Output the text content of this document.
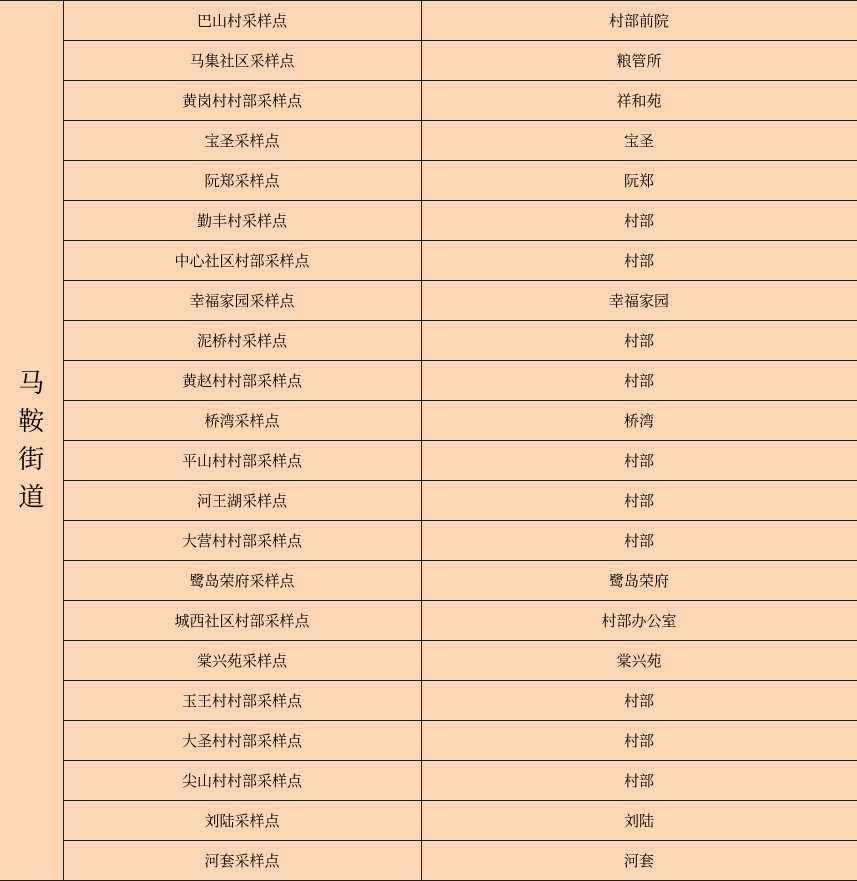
马鞍街道	巴山村采样点	村部前院
	马集社区采样点	粮管所
	黄岗村村部采样点	祥和苑
	宝圣采样点	宝圣
	阮郑采样点	阮郑
	勤丰村采样点	村部
	中心社区村部采样点	村部
	幸福家园采样点	幸福家园
	泥桥村采样点	村部
	黄赵村村部采样点	村部
	桥湾采样点	桥湾
	平山村村部采样点	村部
	河王湖采样点	村部
	大营村村部采样点	村部
	鹭岛荣府采样点	鹭岛荣府
	城西社区村部采样点	村部办公室
	棠兴苑采样点	棠兴苑
	玉王村村部采样点	村部
	大圣村村部采样点	村部
	尖山村村部采样点	村部
	刘陆采样点	刘陆
	河套采样点	河套
